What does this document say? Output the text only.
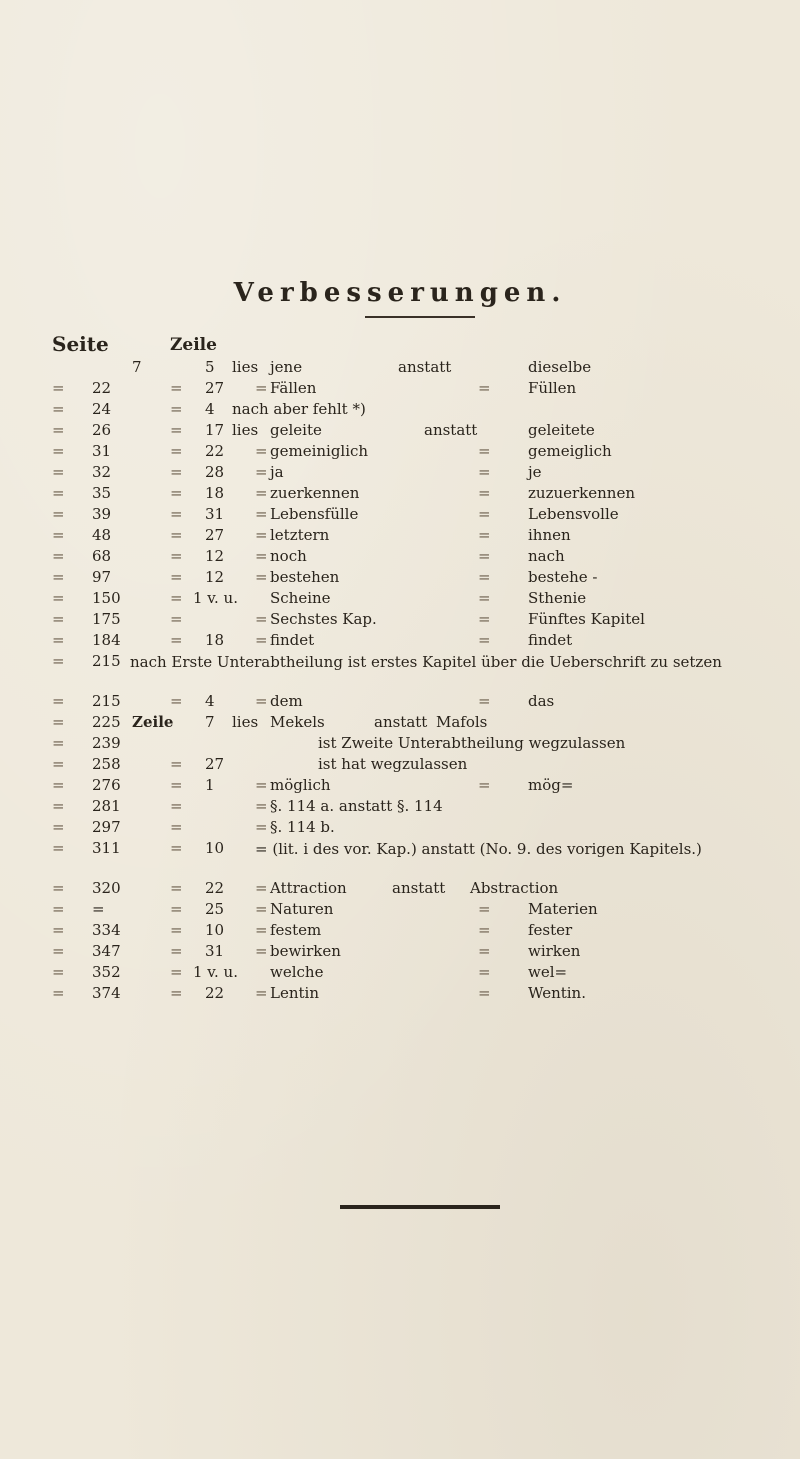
Verbesserungen.
Seite	Zeile
7	5 lies jene	anstatt	dieselbe
= 22	= 27 = Fällen	= Füllen
= 24	= 4 nach aber fehlt *)
= 26	= 17 lies geleite	anstatt	geleitete
= 31	= 22 = gemeiniglich	= gemeiglich
= 32	= 28 = ja	= je
= 35	= 18 = zuerkennen	= zuzuerkennen
= 39	= 31 = Lebensfülle	= Lebensvolle
= 48	= 27 = letztern	= ihnen
= 68	= 12 = noch	= nach
= 97	= 12 = bestehen	= bestehe -
= 150	= 1 v. u. Scheine	= Sthenie
= 175	=	= Sechstes Kap.	= Fünftes Kapitel
= 184	= 18 = findet	= findet
= 215 nach Erste Unterabtheilung ist erstes Kapitel über die Ueberschrift zu setzen
= 215	= 4	= dem	= das
= 225 Zeile 7 lies Mekels	anstatt Mafols
= 239	ist Zweite Unterabtheilung wegzulassen
= 258	= 27	ist hat wegzulassen
= 276	= 1	= möglich	= mög=
= 281	=	= §. 114 a. anstatt §. 114
= 297	=	= §. 114 b.
= 311	= 10 = (lit. i des vor. Kap.) anstatt (No. 9. des vorigen Kapitels.)
= 320	= 22 = Attraction	anstatt Abstraction
= =	= 25 = Naturen	= Materien
= 334	= 10 = festem	= fester
= 347	= 31 = bewirken	= wirken
= 352	= 1 v. u. welche	= wel=
= 374	= 22 = Lentin	= Wentin.
